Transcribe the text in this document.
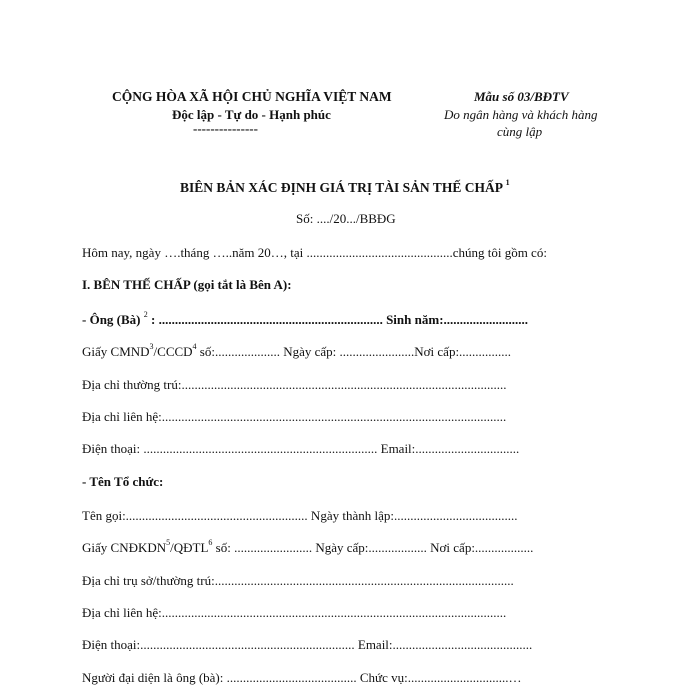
CỘNG HÒA XÃ HỘI CHỦ NGHĨA VIỆT NAM
Độc lập - Tự do - Hạnh phúc
---------------
Mẫu số 03/BĐTV
Do ngân hàng và khách hàng
cùng lập
BIÊN BẢN XÁC ĐỊNH GIÁ TRỊ TÀI SẢN THẾ CHẤP $^1$
Số: ..../20.../BBĐG
Hôm nay, ngày ….tháng …..năm 20…, tại .............................................chúng tôi gồm có:
I. BÊN THẾ CHẤP (gọi tắt là Bên A):
- Ông (Bà) $^2$ : ..................................................................... Sinh năm:..........................
Giấy CMND$^3$/CCCD$^4$ số:.................... Ngày cấp: .......................Nơi cấp:................
Địa chỉ thường trú:....................................................................................................
Địa chỉ liên hệ:..........................................................................................................
Điện thoại: ........................................................................ Email:................................
- Tên Tổ chức:
Tên gọi:........................................................ Ngày thành lập:......................................
Giấy CNĐKDN$^5$/QĐTL$^6$ số: ........................ Ngày cấp:.................. Nơi cấp:..................
Địa chỉ trụ sở/thường trú:............................................................................................
Địa chỉ liên hệ:..........................................................................................................
Điện thoại:.................................................................. Email:...........................................
Người đại diện là ông (bà): ........................................ Chức vụ:...............................…
